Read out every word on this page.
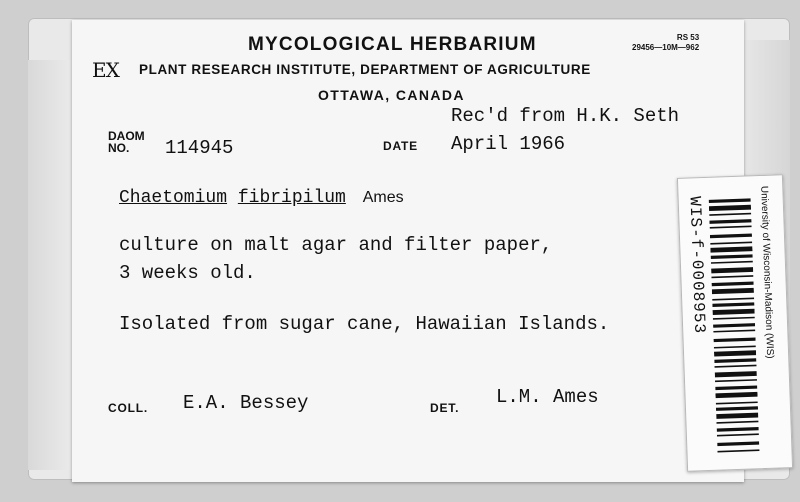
MYCOLOGICAL HERBARIUM
PLANT RESEARCH INSTITUTE, DEPARTMENT OF AGRICULTURE
OTTAWA, CANADA
RS 53
29456—10M—962
EX
DAOM
NO.	114945
Rec'd from H.K. Seth
DATE April 1966
Chaetomium fibripilum Ames
culture on malt agar and filter paper,
3 weeks old.
Isolated from sugar cane, Hawaiian Islands.
COLL. E.A. Bessey	DET. L.M. Ames
WIS-f-0008953	University of Wisconsin-Madison (WIS)
